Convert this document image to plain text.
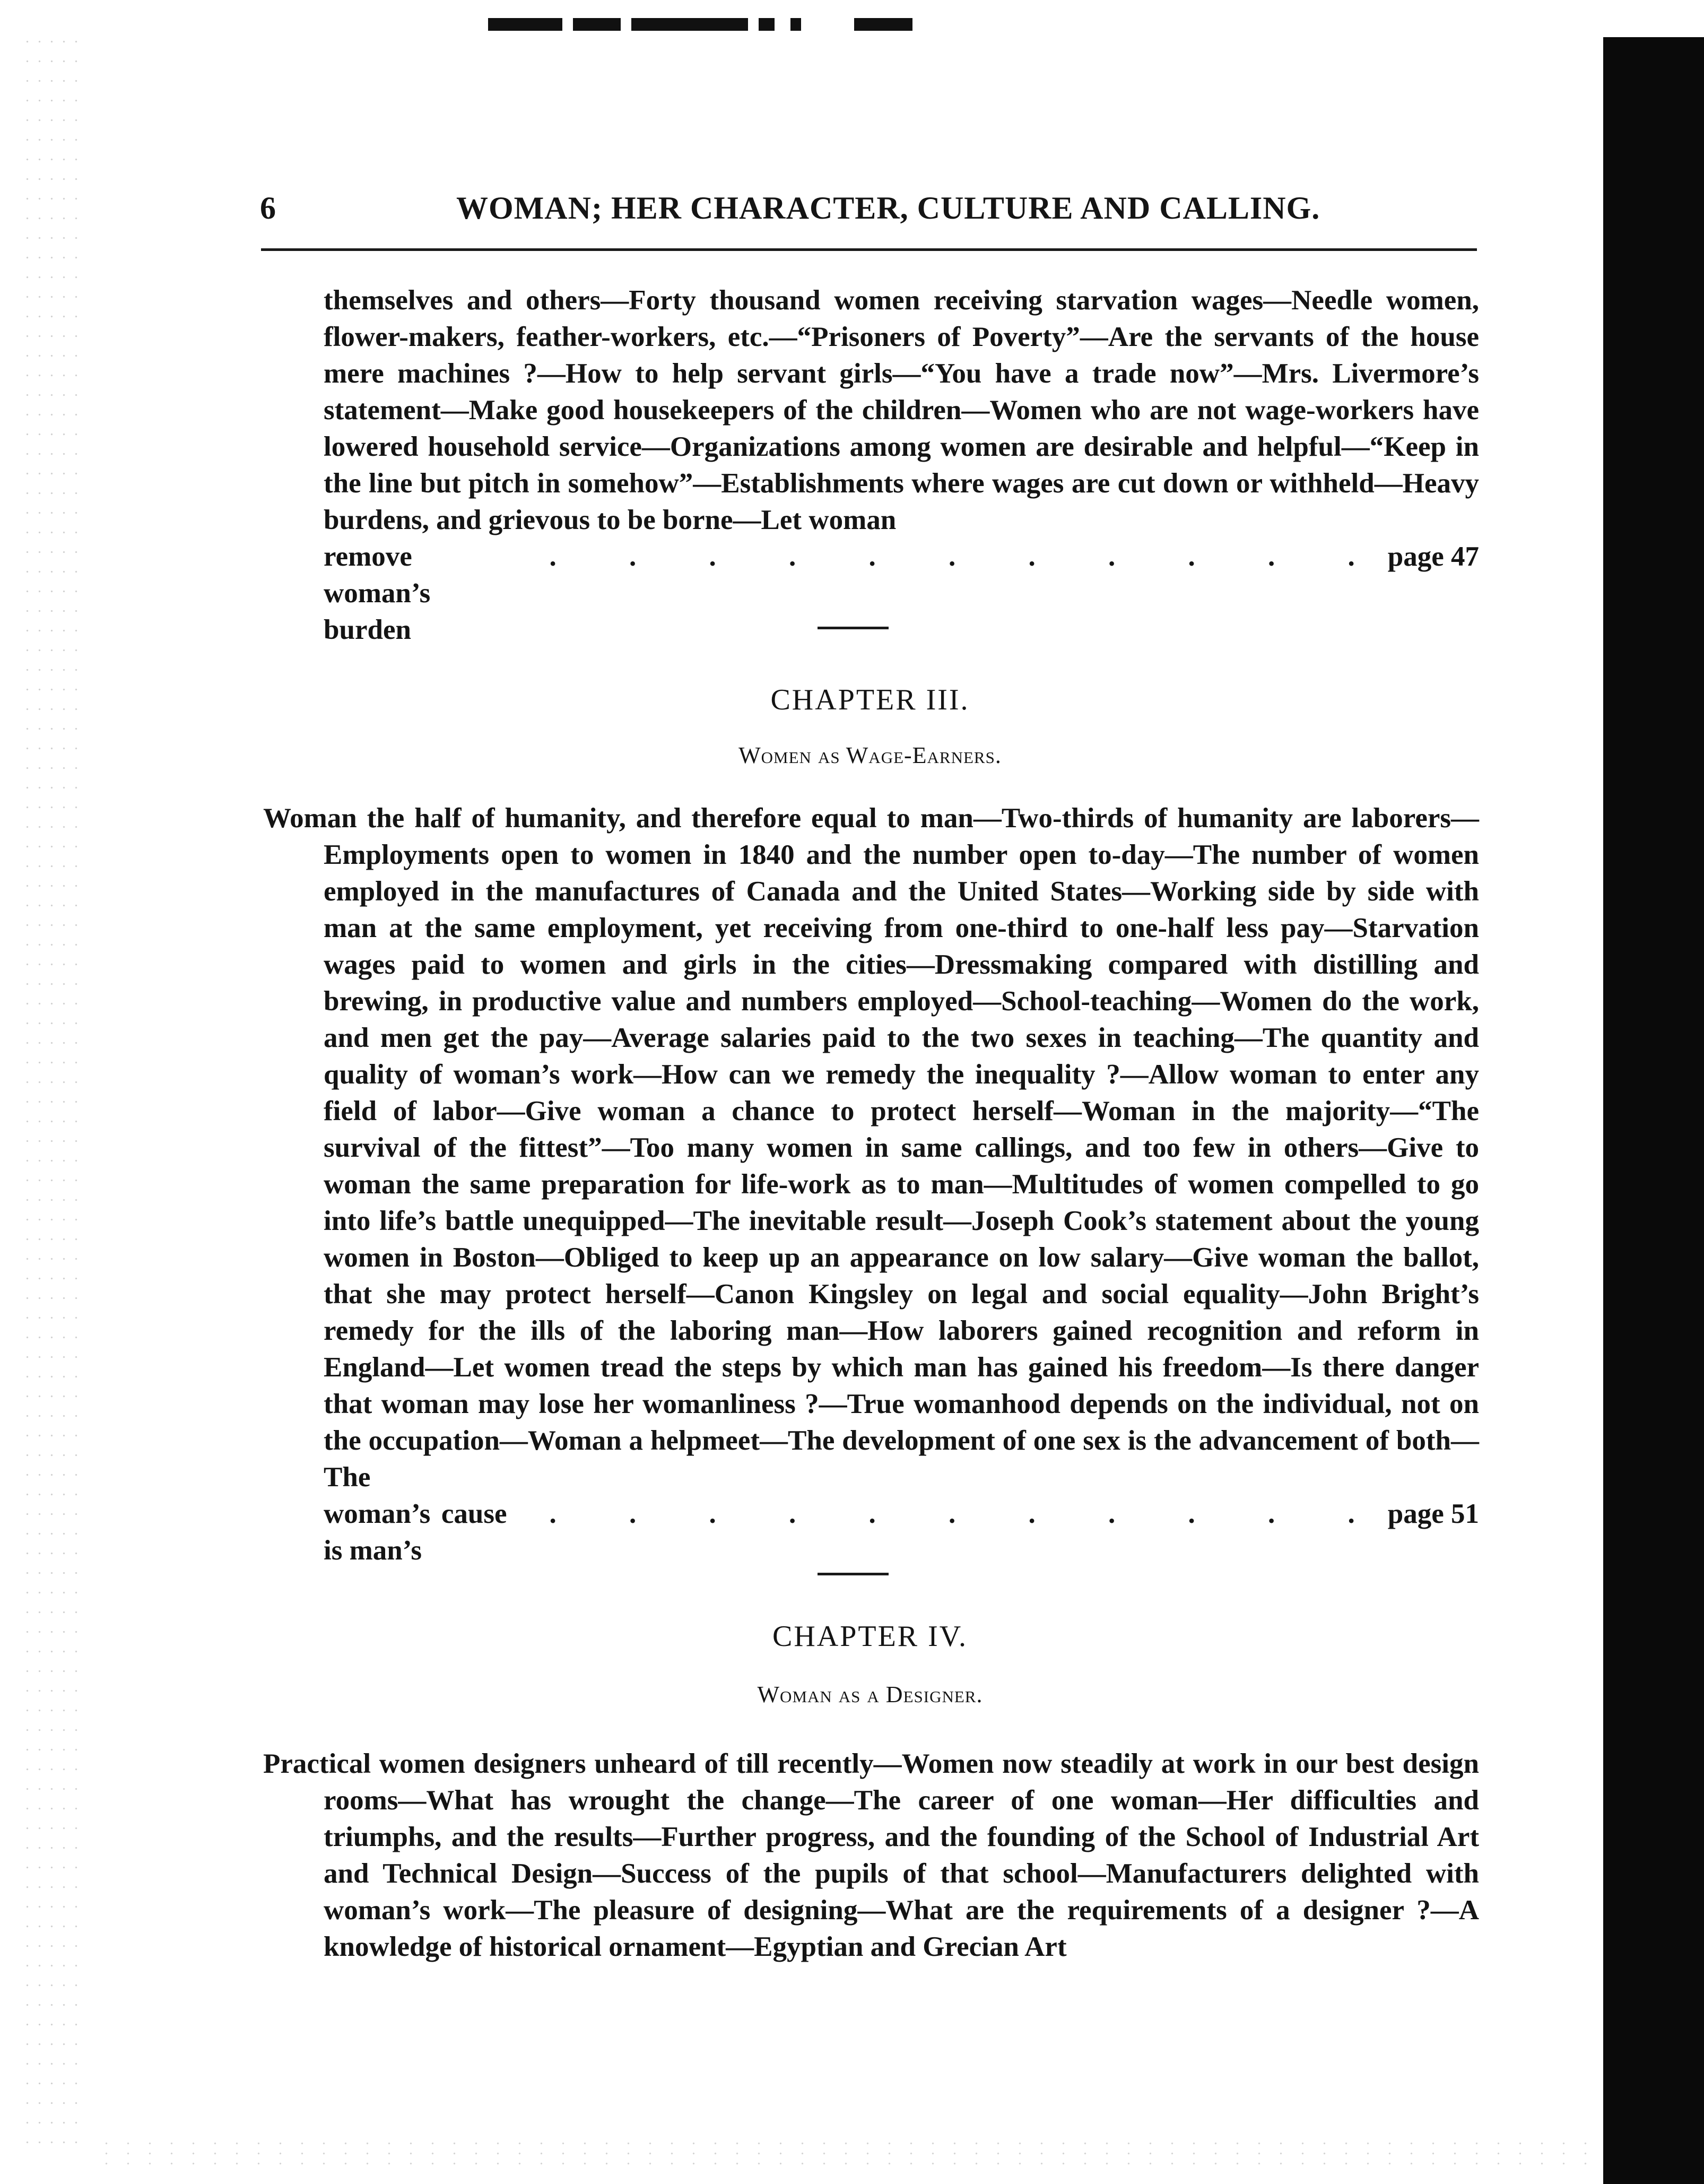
6	WOMAN; HER CHARACTER, CULTURE AND CALLING.
themselves and others—Forty thousand women receiving starvation wages—Needle women, flower-makers, feather-workers, etc.—“Prisoners of Poverty”—Are the servants of the house mere machines ?—How to help servant girls—“You have a trade now”—Mrs. Livermore’s statement—Make good housekeepers of the children—Women who are not wage-workers have lowered household service—Organizations among women are desirable and helpful—“Keep in the line but pitch in somehow”—Establishments where wages are cut down or withheld—Heavy burdens, and grievous to be borne—Let woman
remove woman’s burden
. . . . . . . . . . . page 47
CHAPTER III.
Women as Wage-Earners.
Woman the half of humanity, and therefore equal to man—Two-thirds of humanity are laborers—Employments open to women in 1840 and the number open to-day—The number of women employed in the manufactures of Canada and the United States—Working side by side with man at the same employment, yet receiving from one-third to one-half less pay—Starvation wages paid to women and girls in the cities—Dressmaking compared with distilling and brewing, in productive value and numbers employed—School-teaching—Women do the work, and men get the pay—Average salaries paid to the two sexes in teaching—The quantity and quality of woman’s work—How can we remedy the inequality ?—Allow woman to enter any field of labor—Give woman a chance to protect herself—Woman in the majority—“The survival of the fittest”—Too many women in same callings, and too few in others—Give to woman the same preparation for life-work as to man—Multitudes of women compelled to go into life’s battle unequipped—The inevitable result—Joseph Cook’s statement about the young women in Boston—Obliged to keep up an appearance on low salary—Give woman the ballot, that she may protect herself—Canon Kingsley on legal and social equality—John Bright’s remedy for the ills of the laboring man—How laborers gained recognition and reform in England—Let women tread the steps by which man has gained his freedom—Is there danger that woman may lose her womanliness ?—True womanhood depends on the individual, not on the occupation—Woman a helpmeet—The development of one sex is the advancement of both—The
woman’s cause is man’s
. . . . . . . . . . . page 51
CHAPTER IV.
Woman as a Designer.
Practical women designers unheard of till recently—Women now steadily at work in our best design rooms—What has wrought the change—The career of one woman—Her difficulties and triumphs, and the results—Further progress, and the founding of the School of Industrial Art and Technical Design—Success of the pupils of that school—Manufacturers delighted with woman’s work—The pleasure of designing—What are the requirements of a designer ?—A knowledge of historical ornament—Egyptian and Grecian Art
